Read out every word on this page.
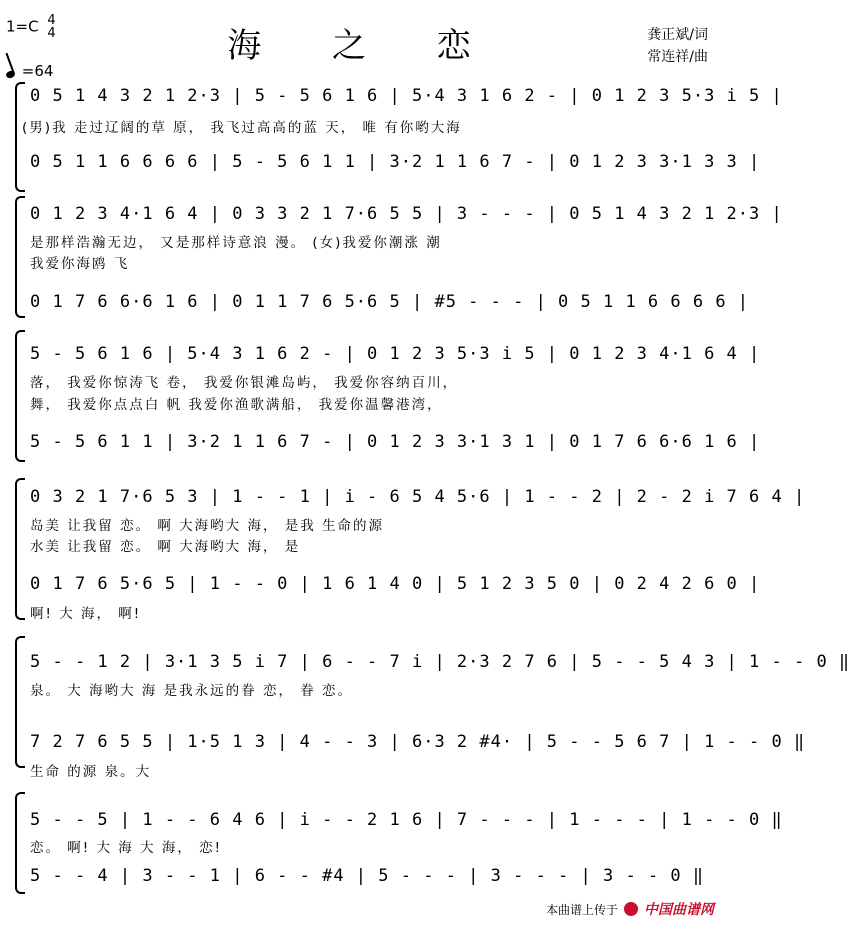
海 之 恋
1=C 4
4
=64
龚正斌/词
常连祥/曲
0 5 1 4 3 2 1 2·3 | 5 - 5 6 1 6 | 5·4 3 1 6 2 - | 0 1 2 3 5·3 i 5 |
(男)我 走过辽阔的草 原， 我飞过高高的蓝 天， 唯 有你哟大海
0 5 1 1 6 6 6 6 | 5 - 5 6 1 1 | 3·2 1 1 6 7 - | 0 1 2 3 3·1 3 3 |
0 1 2 3 4·1 6 4 | 0 3 3 2 1 7·6 5 5 | 3 - - - | 0 5 1 4 3 2 1 2·3 |
是那样浩瀚无边， 又是那样诗意浪 漫。 (女)我爱你潮涨 潮
我爱你海鸥 飞
0 1 7 6 6·6 1 6 | 0 1 1 7 6 5·6 5 | #5 - - - | 0 5 1 1 6 6 6 6 |
5 - 5 6 1 6 | 5·4 3 1 6 2 - | 0 1 2 3 5·3 i 5 | 0 1 2 3 4·1 6 4 |
落， 我爱你惊涛飞 卷， 我爱你银滩岛屿， 我爱你容纳百川，
舞， 我爱你点点白 帆 我爱你渔歌满船， 我爱你温馨港湾，
5 - 5 6 1 1 | 3·2 1 1 6 7 - | 0 1 2 3 3·1 3 1 | 0 1 7 6 6·6 1 6 |
0 3 2 1 7·6 5 3 | 1 - - 1 | i - 6 5 4 5·6 | 1 - - 2 | 2 - 2 i 7 6 4 |
岛美 让我留 恋。 啊 大海哟大 海， 是我 生命的源
水美 让我留 恋。 啊 大海哟大 海， 是
0 1 7 6 5·6 5 | 1 - - 0 | 1 6 1 4 0 | 5 1 2 3 5 0 | 0 2 4 2 6 0 |
啊! 大 海， 啊!
5 - - 1 2 | 3·1 3 5 i 7 | 6 - - 7 i | 2·3 2 7 6 | 5 - - 5 4 3 | 1 - - 0 ‖
泉。 大 海哟大 海 是我永远的眷 恋， 眷 恋。
7 2 7 6 5 5 | 1·5 1 3 | 4 - - 3 | 6·3 2 #4· | 5 - - 5 6 7 | 1 - - 0 ‖
生命 的源 泉。大
5 - - 5 | 1 - - 6 4 6 | i - - 2 1 6 | 7 - - - | 1 - - - | 1 - - 0 ‖
恋。 啊! 大 海 大 海， 恋!
5 - - 4 | 3 - - 1 | 6 - - #4 | 5 - - - | 3 - - - | 3 - - 0 ‖
本曲谱上传于 中国曲谱网
